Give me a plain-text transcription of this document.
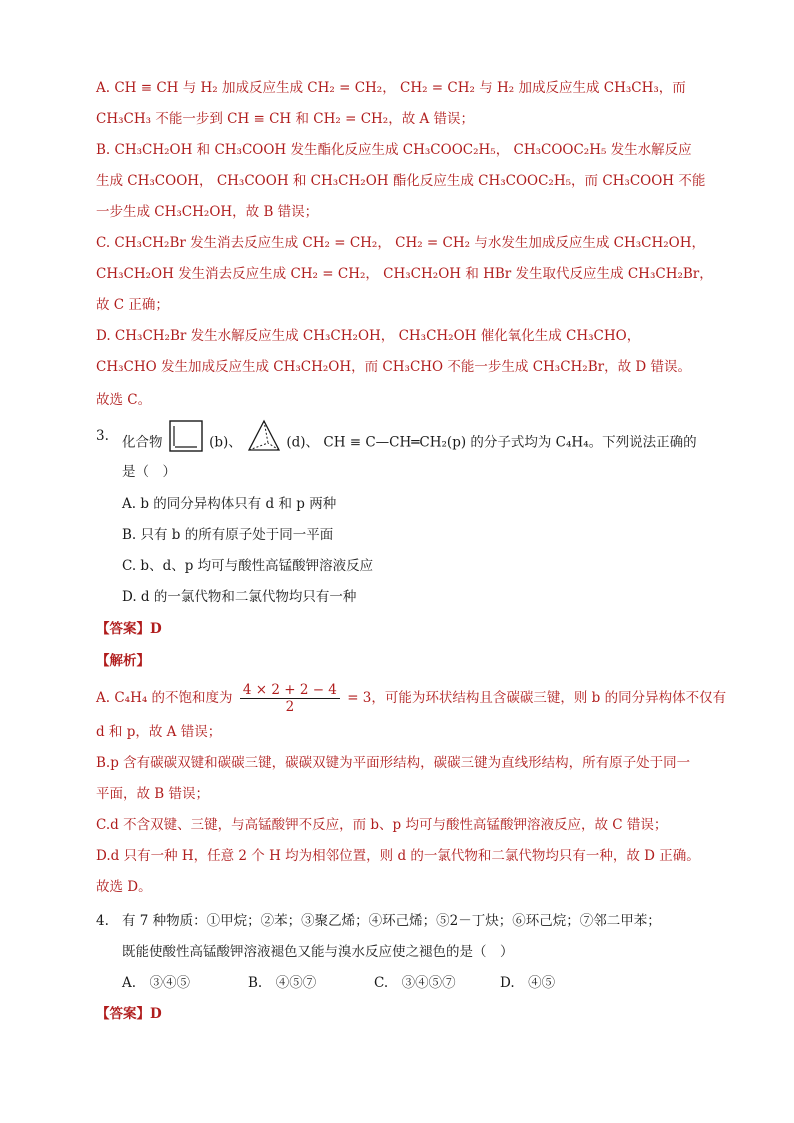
A. CH ≡ CH 与 H₂ 加成反应生成 CH₂ = CH₂， CH₂ = CH₂ 与 H₂ 加成反应生成 CH₃CH₃，而
CH₃CH₃ 不能一步到 CH ≡ CH 和 CH₂ = CH₂，故 A 错误；
B. CH₃CH₂OH 和 CH₃COOH 发生酯化反应生成 CH₃COOC₂H₅， CH₃COOC₂H₅ 发生水解反应
生成 CH₃COOH， CH₃COOH 和 CH₃CH₂OH 酯化反应生成 CH₃COOC₂H₅，而 CH₃COOH 不能
一步生成 CH₃CH₂OH，故 B 错误；
C. CH₃CH₂Br 发生消去反应生成 CH₂ = CH₂， CH₂ = CH₂ 与水发生加成反应生成 CH₃CH₂OH，
CH₃CH₂OH 发生消去反应生成 CH₂ = CH₂， CH₃CH₂OH 和 HBr 发生取代反应生成 CH₃CH₂Br，
故 C 正确；
D. CH₃CH₂Br 发生水解反应生成 CH₃CH₂OH， CH₃CH₂OH 催化氧化生成 CH₃CHO，
CH₃CHO 发生加成反应生成 CH₃CH₂OH，而 CH₃CHO 不能一步生成 CH₃CH₂Br，故 D 错误。
故选 C。
3. 化合物	(b)、	(d)、 CH ≡ C—CH═CH₂(p) 的分子式均为 C₄H₄。下列说法正确的
是（　）
A. b 的同分异构体只有 d 和 p 两种
B. 只有 b 的所有原子处于同一平面
C. b、d、p 均可与酸性高锰酸钾溶液反应
D. d 的一氯代物和二氯代物均只有一种
【答案】D
【解析】
A. C₄H₄ 的不饱和度为 $\frac{4 \times 2 + 2 - 4}{2} = 3$，可能为环状结构且含碳碳三键，则 b 的同分异构体不仅有
d 和 p，故 A 错误；
B.p 含有碳碳双键和碳碳三键，碳碳双键为平面形结构，碳碳三键为直线形结构，所有原子处于同一
平面，故 B 错误；
C.d 不含双键、三键，与高锰酸钾不反应，而 b、p 均可与酸性高锰酸钾溶液反应，故 C 错误；
D.d 只有一种 H，任意 2 个 H 均为相邻位置，则 d 的一氯代物和二氯代物均只有一种，故 D 正确。
故选 D。
4. 有 7 种物质：①甲烷；②苯；③聚乙烯；④环己烯；⑤2－丁炔；⑥环己烷；⑦邻二甲苯；
既能使酸性高锰酸钾溶液褪色又能与溴水反应使之褪色的是（　）
A.　③④⑤	B.　④⑤⑦	C.　③④⑤⑦	D.　④⑤
【答案】D
